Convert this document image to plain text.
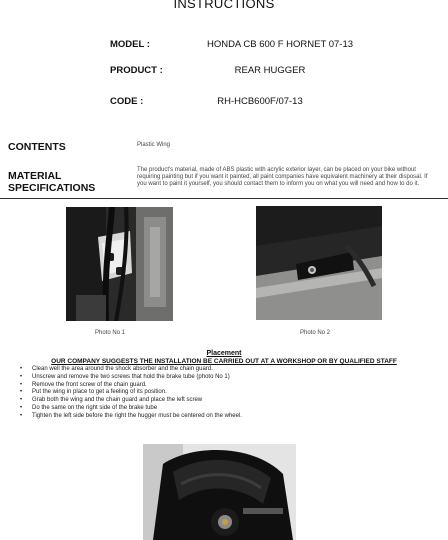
INSTRUCTIONS
MODEL :	HONDA CB 600 F HORNET 07-13
PRODUCT :	REAR HUGGER
CODE :	RH-HCB600F/07-13
CONTENTS	Plastic Wing
MATERIAL
SPECIFICATIONS
The product's material, made of ABS plastic with acrylic exterior layer, can be placed on your bike without requiring painting but if you want it painted, all paint companies have equivalent machinery at their disposal. If you want to paint it yourself, you should contact them to inform you on what you will need and how to do it.
Photo No 1	Photo No 2
Placement
OUR COMPANY SUGGESTS THE INSTALLATION BE CARRIED OUT AT A WORKSHOP OR BY QUALIFIED STAFF
• Clean well the area around the shock absorber and the chain guard.
• Unscrew and remove the two screws that hold the brake tube (photo No 1)
• Remove the front screw of the chain guard.
• Put the wing in place to get a feeling of its position.
• Grab both the wing and the chain guard and place the left screw
• Do the same on the right side of the brake tube
• Tighten the left side before the right the hugger must be centered on the wheel.
